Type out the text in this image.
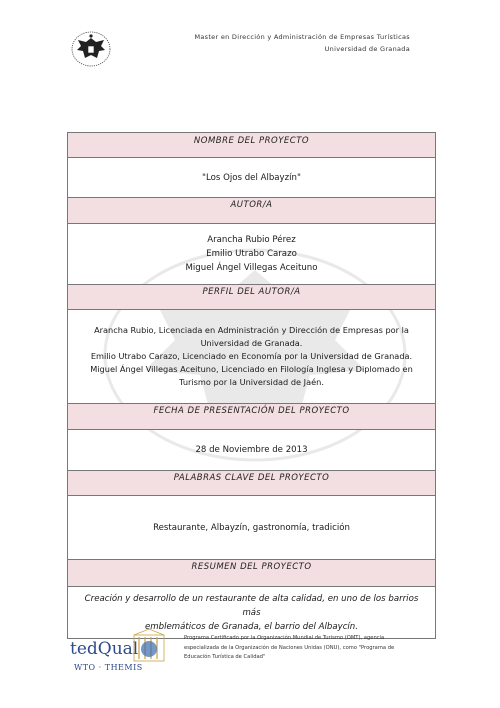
Master en Dirección y Administración de Empresas Turísticas
Universidad de Granada
NOMBRE DEL PROYECTO
"Los Ojos del Albayzín"
AUTOR/A
Arancha Rubio Pérez
Emilio Utrabo Carazo
Miguel Ángel Villegas Aceituno
PERFIL DEL AUTOR/A
Arancha Rubio, Licenciada en Administración y Dirección de Empresas por la
Universidad de Granada.
Emilio Utrabo Carazo, Licenciado en Economía por la Universidad de Granada.
Miguel Ángel Villegas Aceituno, Licenciado en Filología Inglesa y Diplomado en
Turismo por la Universidad de Jaén.
FECHA DE PRESENTACIÓN DEL PROYECTO
28 de Noviembre de 2013
PALABRAS CLAVE DEL PROYECTO
Restaurante, Albayzín, gastronomía, tradición
RESUMEN DEL PROYECTO
Creación y desarrollo de un restaurante de alta calidad, en uno de los barrios más
emblemáticos de Granada, el barrio del Albaycín.
tedQual
WTO · THEMIS
Programa Certificado por la Organización Mundial de Turismo (OMT), agencia
especializada de la Organización de Naciones Unidas (ONU), como "Programa de
Educación Turística de Calidad"
